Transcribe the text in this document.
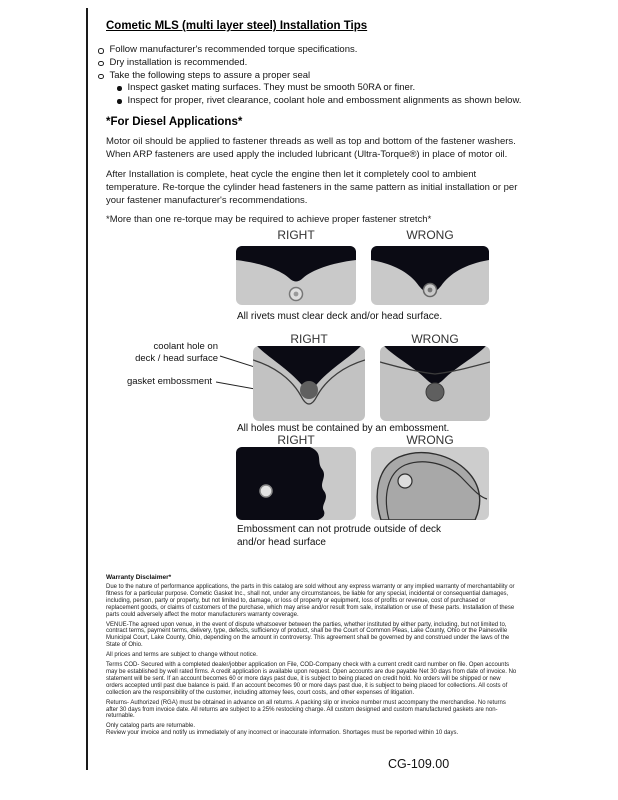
Cometic MLS (multi layer steel) Installation Tips
Follow manufacturer's recommended torque specifications.
Dry installation is recommended.
Take the following steps to assure a proper seal
Inspect gasket mating surfaces. They must be smooth 50RA or finer.
Inspect for proper, rivet clearance, coolant hole and embossment alignments as shown below.
*For Diesel Applications*

Motor oil should be applied to fastener threads as well as top and bottom of the fastener washers. When ARP fasteners are used apply the included lubricant (Ultra-Torque®) in place of motor oil.

After Installation is complete, heat cycle the engine then let it completely cool to ambient temperature. Re-torque the cylinder head fasteners in the same pattern as initial installation or per your fastener manufacturer's recommendations.

*More than one re-torque may be required to achieve proper fastener stretch*

RIGHT	WRONG

All rivets must clear deck and/or head surface.

RIGHT	WRONG
coolant hole on
deck / head surface
gasket embossment

All holes must be contained by an embossment.

RIGHT	WRONG

Embossment can not protrude outside of deck
and/or head surface

Warranty Disclaimer*

Due to the nature of performance applications, the parts in this catalog are sold without any express warranty or any implied warranty of merchantability or fitness for a particular purpose. Cometic Gasket Inc., shall not, under any circumstances, be liable for any special, incidental or consequential damages, including, person, party or property, but not limited to, damage, or loss of property or equipment, loss of profits or revenue, cost of purchased or replacement goods, or claims of customers of the purchase, which may arise and/or result from sale, installation or use of these parts. Installation of these parts could adversely affect the motor manufacturers warranty coverage.

VENUE-The agreed upon venue, in the event of dispute whatsoever between the parties, whether instituted by either party, including, but not limited to, contract terms, payment terms, delivery, type, defects, sufficiency of product, shall be the Court of Common Pleas, Lake County, Ohio or the Painesville Municipal Court, Lake County, Ohio, depending on the amount in controversy. This agreement shall be governed by and construed under the laws of the State of Ohio.

All prices and terms are subject to change without notice.

Terms COD- Secured with a completed dealer/jobber application on File, COD-Company check with a current credit card number on file. Open accounts may be established by well rated firms. A credit application is available upon request. Open accounts are due payable Net 30 days from date of invoice. No statement will be sent. If an account becomes 60 or more days past due, it is subject to being placed on credit hold. No orders will be shipped or new orders accepted until past due balance is paid. If an account becomes 90 or more days past due, it is subject to being placed for collections. All costs of collection are the responsibility of the customer, including attorney fees, court costs, and other expenses of litigation.

Returns- Authorized (RGA) must be obtained in advance on all returns. A packing slip or invoice number must accompany the merchandise. No returns after 30 days from invoice date. All returns are subject to a 25% restocking charge. All custom designed and custom manufactured gaskets are non-returnable.

Only catalog parts are returnable.

Review your invoice and notify us immediately of any incorrect or inaccurate information. Shortages must be reported within 10 days.

CG-109.00
